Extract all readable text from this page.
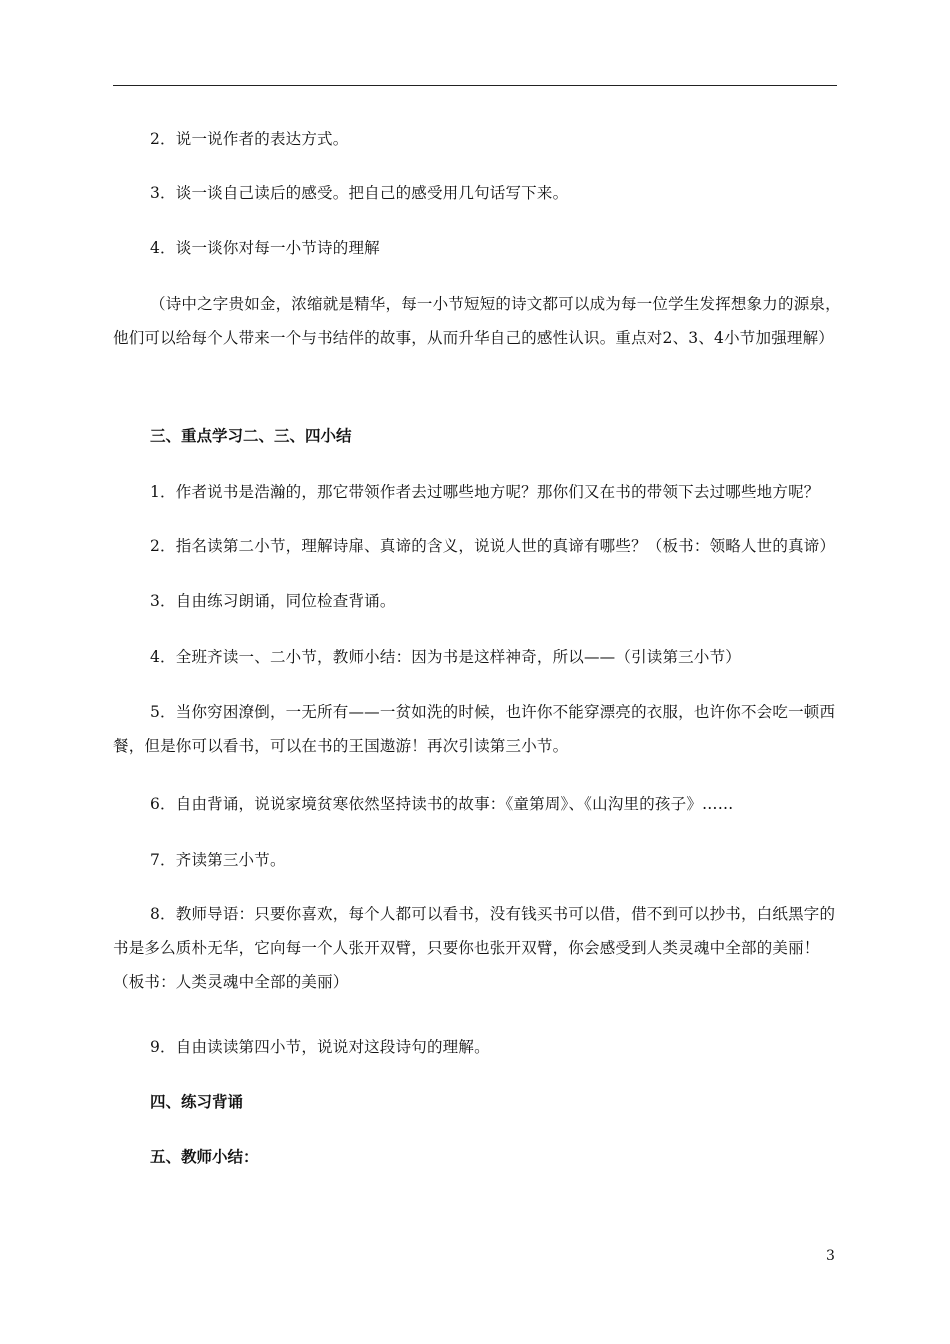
2．说一说作者的表达方式。
3．谈一谈自己读后的感受。把自己的感受用几句话写下来。
4．谈一谈你对每一小节诗的理解
（诗中之字贵如金，浓缩就是精华，每一小节短短的诗文都可以成为每一位学生发挥想象力的源泉，他们可以给每个人带来一个与书结伴的故事，从而升华自己的感性认识。重点对2、3、4小节加强理解）
三、重点学习二、三、四小结
1．作者说书是浩瀚的，那它带领作者去过哪些地方呢？那你们又在书的带领下去过哪些地方呢？
2．指名读第二小节，理解诗扉、真谛的含义，说说人世的真谛有哪些？（板书：领略人世的真谛）
3．自由练习朗诵，同位检查背诵。
4．全班齐读一、二小节，教师小结：因为书是这样神奇，所以——（引读第三小节）
5．当你穷困潦倒，一无所有——一贫如洗的时候，也许你不能穿漂亮的衣服，也许你不会吃一顿西餐，但是你可以看书，可以在书的王国遨游！再次引读第三小节。
6．自由背诵，说说家境贫寒依然坚持读书的故事：《童第周》、《山沟里的孩子》……
7．齐读第三小节。
8．教师导语：只要你喜欢，每个人都可以看书，没有钱买书可以借，借不到可以抄书，白纸黑字的书是多么质朴无华，它向每一个人张开双臂，只要你也张开双臂，你会感受到人类灵魂中全部的美丽！（板书：人类灵魂中全部的美丽）
9．自由读读第四小节，说说对这段诗句的理解。
四、练习背诵
五、教师小结：
3
